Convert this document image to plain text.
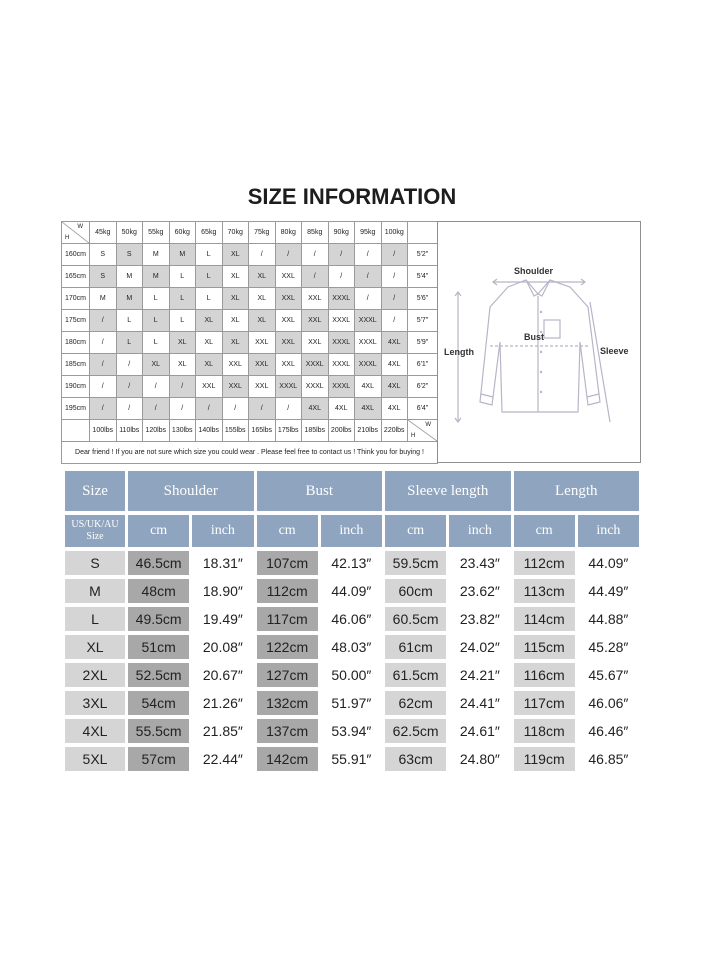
SIZE INFORMATION
W
H	45kg	50kg	55kg	60kg	65kg	70kg	75kg	80kg	85kg	90kg	95kg	100kg	
160cm	S	S	M	M	L	XL	/	/	/	/	/	/	5'2"
165cm	S	M	M	L	L	XL	XL	XXL	/	/	/	/	5'4"
170cm	M	M	L	L	L	XL	XL	XXL	XXL	XXXL	/	/	5'6"
175cm	/	L	L	L	XL	XL	XL	XXL	XXL	XXXL	XXXL	/	5'7"
180cm	/	L	L	XL	XL	XL	XXL	XXL	XXL	XXXL	XXXL	4XL	5'9"
185cm	/	/	XL	XL	XL	XXL	XXL	XXL	XXXL	XXXL	XXXL	4XL	6'1"
190cm	/	/	/	/	XXL	XXL	XXL	XXXL	XXXL	XXXL	4XL	4XL	6'2"
195cm	/	/	/	/	/	/	/	/	4XL	4XL	4XL	4XL	6'4"
	100lbs	110lbs	120lbs	130lbs	140lbs	155lbs	165lbs	175lbs	185lbs	200lbs	210lbs	220lbs	W
H

Dear friend ! If you are not sure which size you could wear . Please feel free to contact us ! Think you for buying !													
Shoulder
Bust
Length	Sleeve
Size	Shoulder		Bust		Sleeve length		Length	

US/UK/AU
Size	cm	inch	cm	inch	cm	inch	cm	inch
S	46.5cm	18.31″	107cm	42.13″	59.5cm	23.43″	112cm	44.09″
M	48cm	18.90″	112cm	44.09″	60cm	23.62″	113cm	44.49″
L	49.5cm	19.49″	117cm	46.06″	60.5cm	23.82″	114cm	44.88″
XL	51cm	20.08″	122cm	48.03″	61cm	24.02″	115cm	45.28″
2XL	52.5cm	20.67″	127cm	50.00″	61.5cm	24.21″	116cm	45.67″
3XL	54cm	21.26″	132cm	51.97″	62cm	24.41″	117cm	46.06″
4XL	55.5cm	21.85″	137cm	53.94″	62.5cm	24.61″	118cm	46.46″
5XL	57cm	22.44″	142cm	55.91″	63cm	24.80″	119cm	46.85″
